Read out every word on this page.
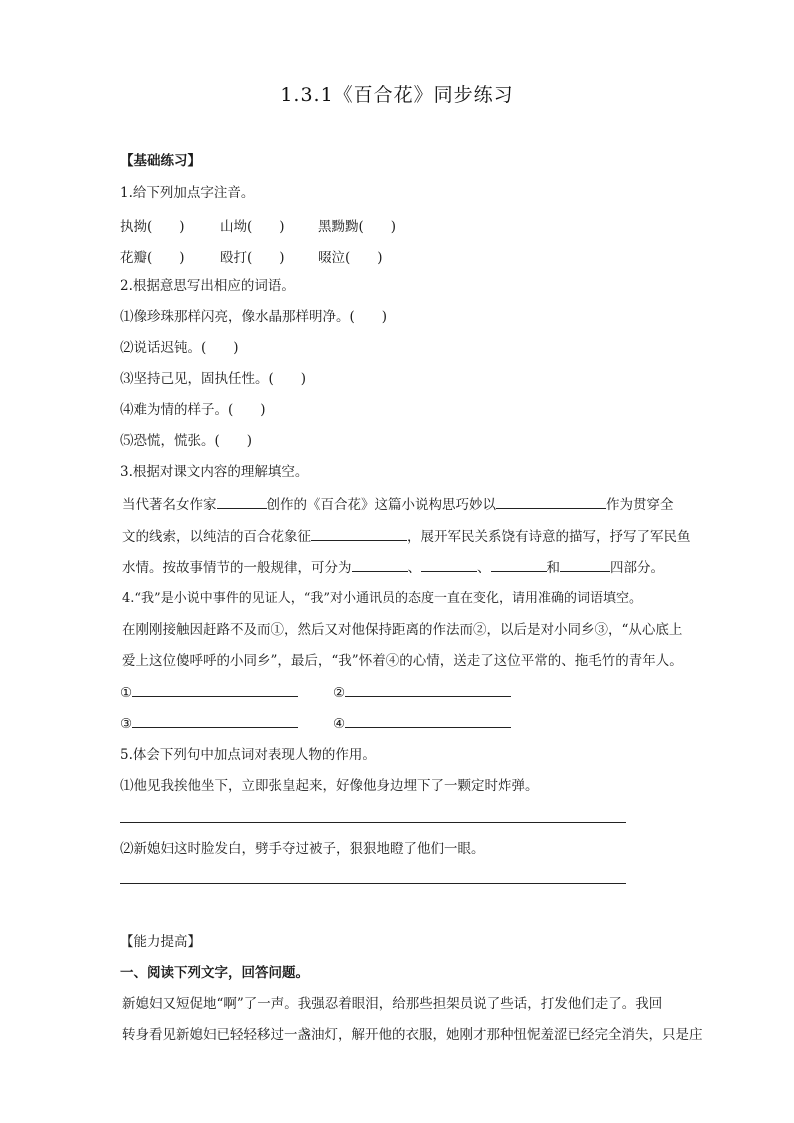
1.3.1《百合花》同步练习
【基础练习】
1.给下列加点字注音。
执拗(　　)	山坳(　　) 黑黝黝(　　)
花瓣(　　)	殴打(　　) 啜泣(　　)
2.根据意思写出相应的词语。
⑴像珍珠那样闪亮，像水晶那样明净。(　　)
⑵说话迟钝。(　　)
⑶坚持己见，固执任性。(　　)
⑷难为情的样子。(　　)
⑸恐慌，慌张。(　　)
3.根据对课文内容的理解填空。
当代著名女作家	创作的《百合花》这篇小说构思巧妙以	作为贯穿全
文的线索，以纯洁的百合花象征	，展开军民关系饶有诗意的描写，抒写了军民鱼
水情。按故事情节的一般规律，可分为	、	、	和	四部分。
4.“我”是小说中事件的见证人，“我”对小通讯员的态度一直在变化，请用准确的词语填空。
在刚刚接触因赶路不及而①，然后又对他保持距离的作法而②，以后是对小同乡③，“从心底上
爱上这位傻呼呼的小同乡”，最后，“我”怀着④的心情，送走了这位平常的、拖毛竹的青年人。
①	②
③	④
5.体会下列句中加点词对表现人物的作用。
⑴他见我挨他坐下，立即张皇起来，好像他身边埋下了一颗定时炸弹。
⑵新媳妇这时脸发白，劈手夺过被子，狠狠地瞪了他们一眼。
【能力提高】
一、阅读下列文字，回答问题。
新媳妇又短促地“啊”了一声。我强忍着眼泪，给那些担架员说了些话，打发他们走了。我回
转身看见新媳妇已轻轻移过一盏油灯，解开他的衣服，她刚才那种忸怩羞涩已经完全消失，只是庄
